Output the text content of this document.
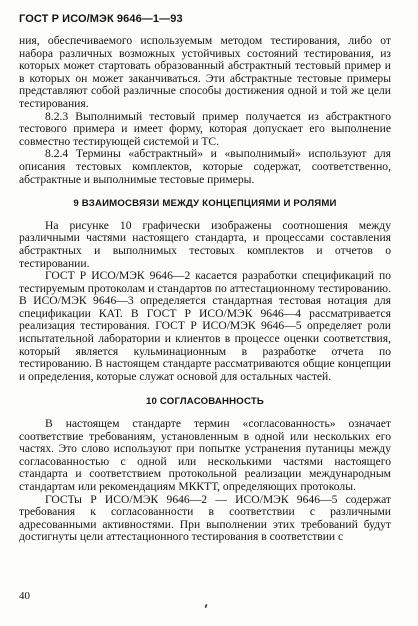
ГОСТ Р ИСО/МЭК 9646—1—93

ния, обеспечиваемого используемым методом тестирования, либо от набора различных возможных устойчивых состояний тестирования, из которых может стартовать образованный абстрактный тестовый пример и в которых он может заканчиваться. Эти абстрактные тестовые примеры представляют собой различные способы достижения одной и той же цели тестирования.

8.2.3 Выполнимый тестовый пример получается из абстрактного тестового примера и имеет форму, которая допускает его выполнение совместно тестирующей системой и ТС.

8.2.4 Термины «абстрактный» и «выполнимый» используют для описания тестовых комплектов, которые содержат, соответственно, абстрактные и выполнимые тестовые примеры.

9 ВЗАИМОСВЯЗИ МЕЖДУ КОНЦЕПЦИЯМИ И РОЛЯМИ

На рисунке 10 графически изображены соотношения между различными частями настоящего стандарта, и процессами составления абстрактных и выполнимых тестовых комплектов и отчетов о тестировании.

ГОСТ Р ИСО/МЭК 9646—2 касается разработки спецификаций по тестируемым протоколам и стандартов по аттестационному тестированию. В ИСО/МЭК 9646—3 определяется стандартная тестовая нотация для спецификации КАТ. В ГОСТ Р ИСО/МЭК 9646—4 рассматривается реализация тестирования. ГОСТ Р ИСО/МЭК 9646—5 определяет роли испытательной лаборатории и клиентов в процессе оценки соответствия, который является кульминационным в разработке отчета по тестированию. В настоящем стандарте рассматриваются общие концепции и определения, которые служат основой для остальных частей.

10 СОГЛАСОВАННОСТЬ

В настоящем стандарте термин «согласованность» означает соответствие требованиям, установленным в одной или нескольких его частях. Это слово используют при попытке устранения путаницы между согласованностью с одной или несколькими частями настоящего стандарта и соответствием протокольной реализации международным стандартам или рекомендациям МККТТ, определяющих протоколы.

ГОСТы Р ИСО/МЭК 9646—2 — ИСО/МЭК 9646—5 содержат требования к согласованности в соответствии с различными адресованными активностями. При выполнении этих требований будут достигнуты цели аттестационного тестирования в соответствии с

40
